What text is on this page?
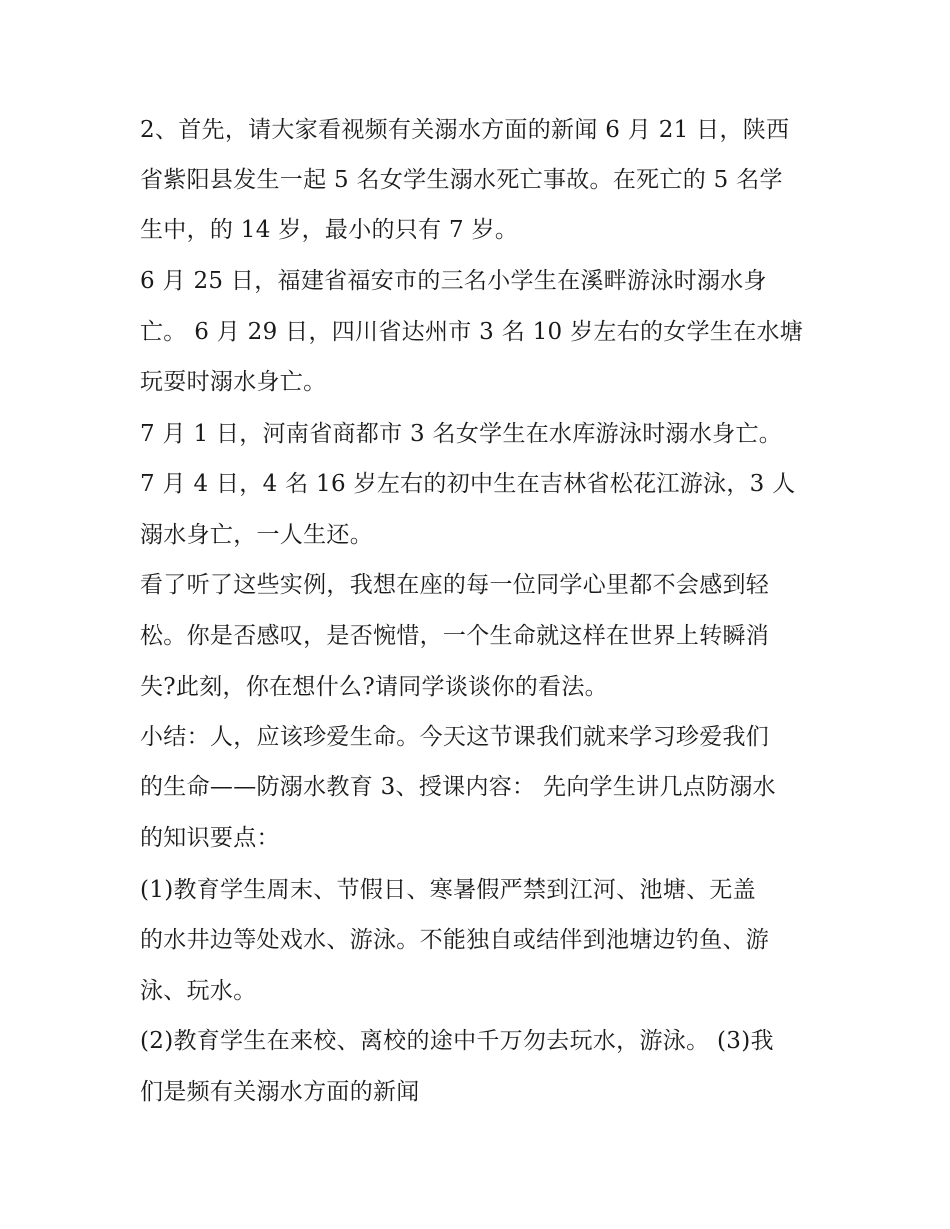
2、首先，请大家看视频有关溺水方面的新闻 6 月 21 日，陕西
省紫阳县发生一起 5 名女学生溺水死亡事故。在死亡的 5 名学
生中，的 14 岁，最小的只有 7 岁。
6 月 25 日，福建省福安市的三名小学生在溪畔游泳时溺水身
亡。 6 月 29 日，四川省达州市 3 名 10 岁左右的女学生在水塘
玩耍时溺水身亡。
7 月 1 日，河南省商都市 3 名女学生在水库游泳时溺水身亡。
7 月 4 日，4 名 16 岁左右的初中生在吉林省松花江游泳，3 人
溺水身亡，一人生还。
看了听了这些实例，我想在座的每一位同学心里都不会感到轻
松。你是否感叹，是否惋惜，一个生命就这样在世界上转瞬消
失?此刻，你在想什么?请同学谈谈你的看法。
小结：人，应该珍爱生命。今天这节课我们就来学习珍爱我们
的生命——防溺水教育 3、授课内容： 先向学生讲几点防溺水
的知识要点：
(1)教育学生周末、节假日、寒暑假严禁到江河、池塘、无盖
的水井边等处戏水、游泳。不能独自或结伴到池塘边钓鱼、游
泳、玩水。
(2)教育学生在来校、离校的途中千万勿去玩水，游泳。 (3)我
们是频有关溺水方面的新闻
